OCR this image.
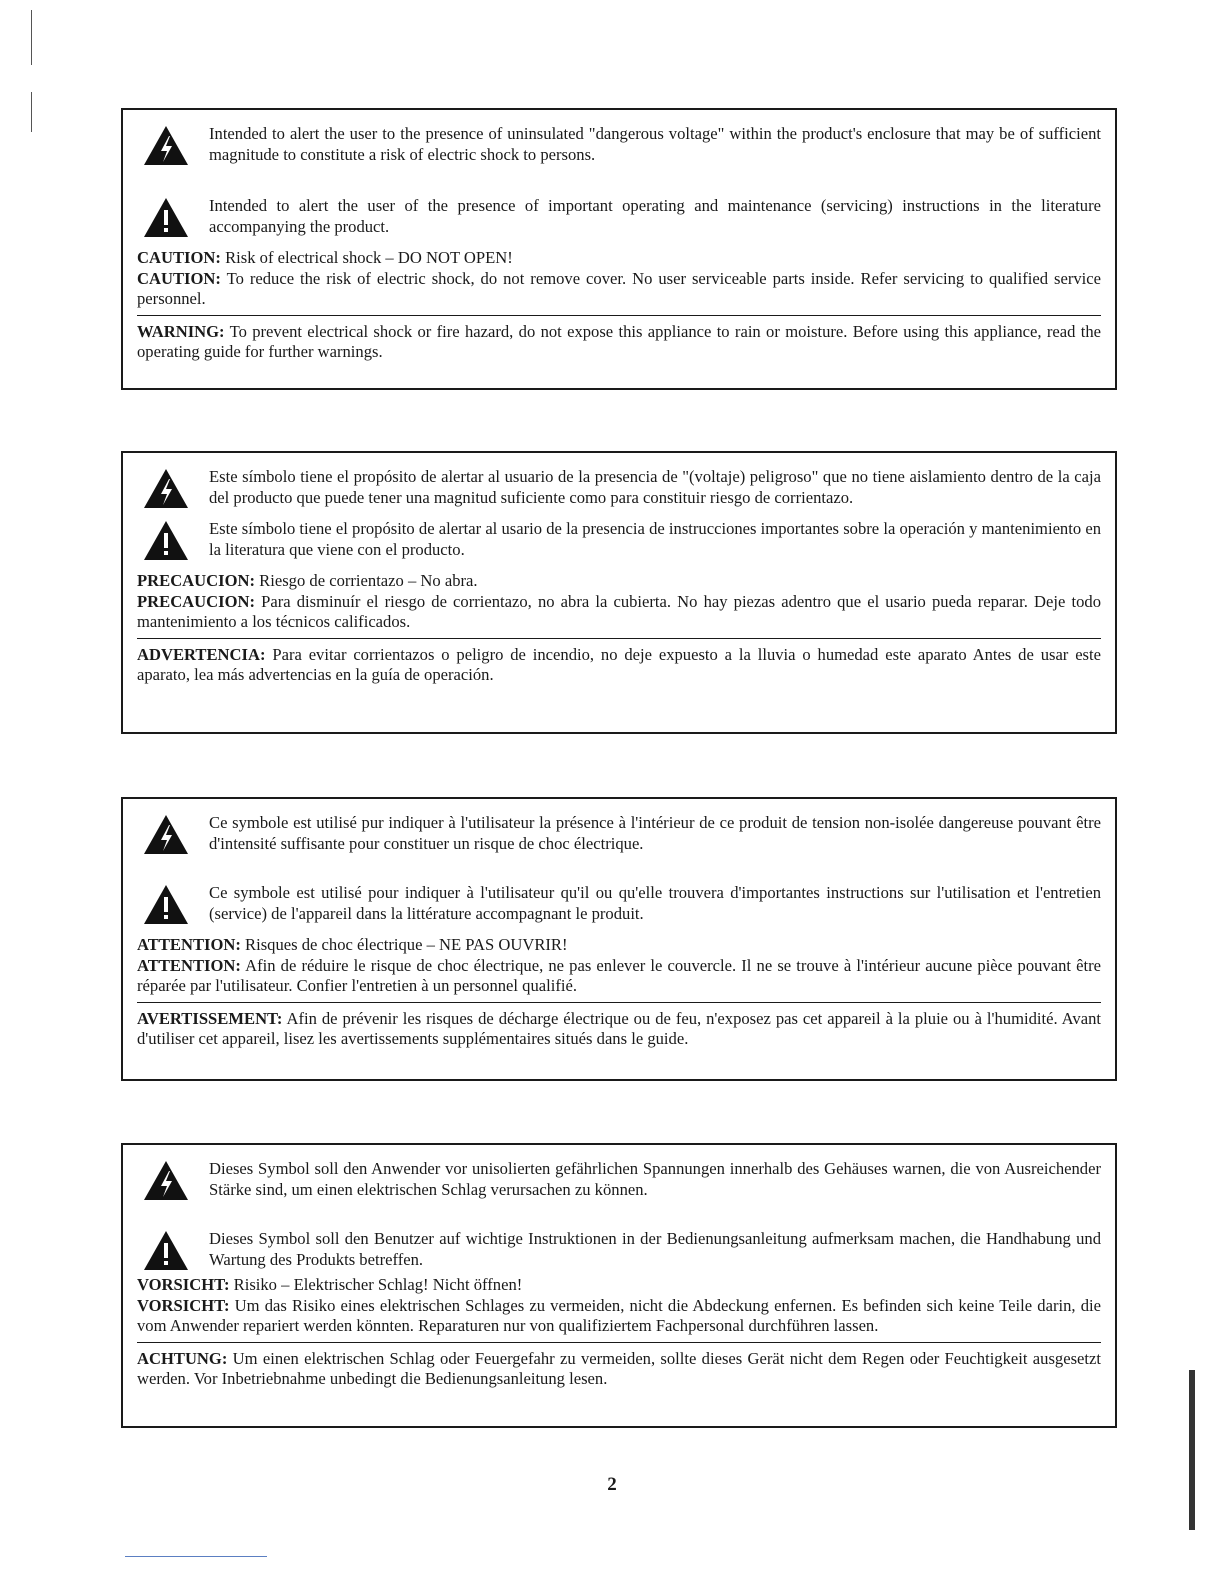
Intended to alert the user to the presence of uninsulated "dangerous voltage" within the product's enclosure that may be of sufficient magnitude to constitute a risk of electric shock to persons.
Intended to alert the user of the presence of important operating and maintenance (servicing) instructions in the literature accompanying the product.
CAUTION: Risk of electrical shock – DO NOT OPEN!
CAUTION: To reduce the risk of electric shock, do not remove cover. No user serviceable parts inside. Refer servicing to qualified service personnel.
WARNING: To prevent electrical shock or fire hazard, do not expose this appliance to rain or moisture. Before using this appliance, read the operating guide for further warnings.
Este símbolo tiene el propósito de alertar al usuario de la presencia de "(voltaje) peligroso" que no tiene aislamiento dentro de la caja del producto que puede tener una magnitud suficiente como para constituir riesgo de corrientazo.
Este símbolo tiene el propósito de alertar al usario de la presencia de instrucciones importantes sobre la operación y mantenimiento en la literatura que viene con el producto.
PRECAUCION: Riesgo de corrientazo – No abra.
PRECAUCION: Para disminuír el riesgo de corrientazo, no abra la cubierta. No hay piezas adentro que el usario pueda reparar. Deje todo mantenimiento a los técnicos calificados.
ADVERTENCIA: Para evitar corrientazos o peligro de incendio, no deje expuesto a la lluvia o humedad este aparato Antes de usar este aparato, lea más advertencias en la guía de operación.
Ce symbole est utilisé pur indiquer à l'utilisateur la présence à l'intérieur de ce produit de tension non-isolée dangereuse pouvant être d'intensité suffisante pour constituer un risque de choc électrique.
Ce symbole est utilisé pour indiquer à l'utilisateur qu'il ou qu'elle trouvera d'importantes instructions sur l'utilisation et l'entretien (service) de l'appareil dans la littérature accompagnant le produit.
ATTENTION: Risques de choc électrique – NE PAS OUVRIR!
ATTENTION: Afin de réduire le risque de choc électrique, ne pas enlever le couvercle. Il ne se trouve à l'intérieur aucune pièce pouvant être réparée par l'utilisateur. Confier l'entretien à un personnel qualifié.
AVERTISSEMENT: Afin de prévenir les risques de décharge électrique ou de feu, n'exposez pas cet appareil à la pluie ou à l'humidité. Avant d'utiliser cet appareil, lisez les avertissements supplémentaires situés dans le guide.
Dieses Symbol soll den Anwender vor unisolierten gefährlichen Spannungen innerhalb des Gehäuses warnen, die von Ausreichender Stärke sind, um einen elektrischen Schlag verursachen zu können.
Dieses Symbol soll den Benutzer auf wichtige Instruktionen in der Bedienungsanleitung aufmerksam machen, die Handhabung und Wartung des Produkts betreffen.
VORSICHT: Risiko – Elektrischer Schlag! Nicht öffnen!
VORSICHT: Um das Risiko eines elektrischen Schlages zu vermeiden, nicht die Abdeckung enfernen. Es befinden sich keine Teile darin, die vom Anwender repariert werden könnten. Reparaturen nur von qualifiziertem Fachpersonal durchführen lassen.
ACHTUNG: Um einen elektrischen Schlag oder Feuergefahr zu vermeiden, sollte dieses Gerät nicht dem Regen oder Feuchtigkeit ausgesetzt werden. Vor Inbetriebnahme unbedingt die Bedienungsanleitung lesen.
2
